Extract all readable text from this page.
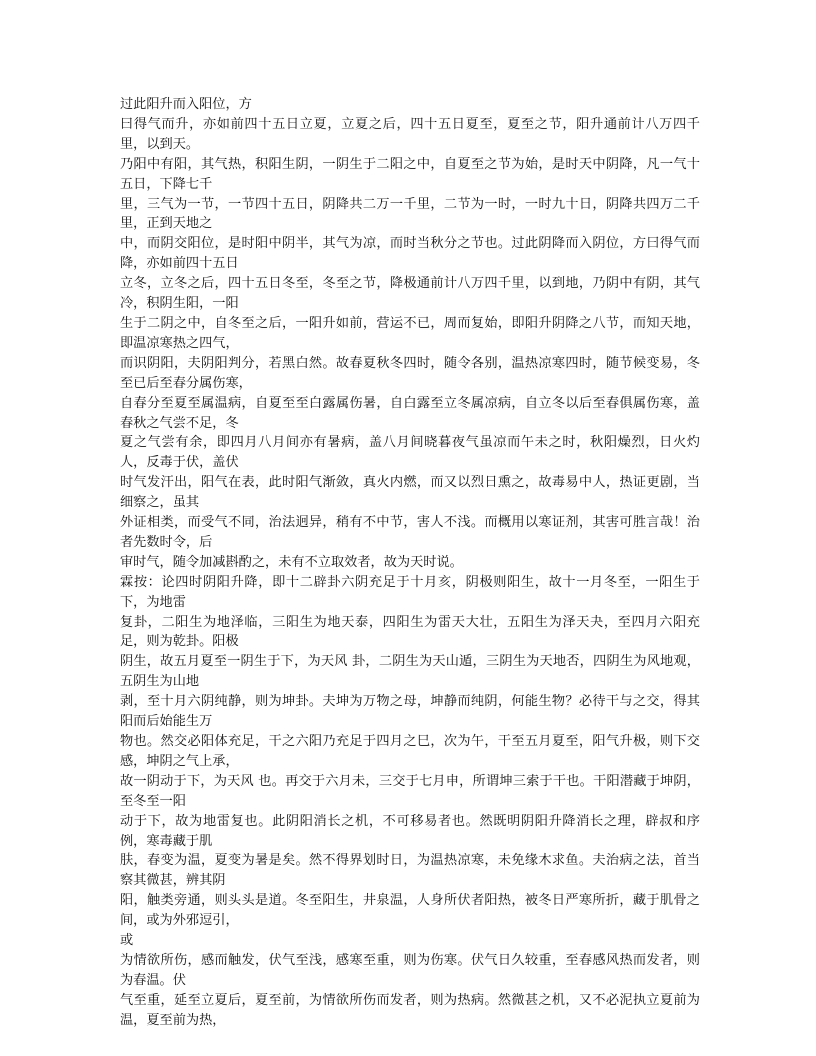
过此阳升而入阳位，方

曰得气而升，亦如前四十五日立夏，立夏之后，四十五日夏至，夏至之节，阳升通前计八万四千里，以到天。

乃阳中有阳，其气热，积阳生阴，一阴生于二阳之中，自夏至之节为始，是时天中阴降，凡一气十五日，下降七千

里，三气为一节，一节四十五日，阴降共二万一千里，二节为一时，一时九十日，阴降共四万二千里，正到天地之

中，而阴交阳位，是时阳中阴半，其气为凉，而时当秋分之节也。过此阴降而入阴位，方曰得气而降，亦如前四十五日

立冬，立冬之后，四十五日冬至，冬至之节，降极通前计八万四千里，以到地，乃阴中有阴，其气冷，积阴生阳，一阳

生于二阴之中，自冬至之后，一阳升如前，营运不已，周而复始，即阳升阴降之八节，而知天地，即温凉寒热之四气，

而识阴阳，夫阴阳判分，若黑白然。故春夏秋冬四时，随令各别，温热凉寒四时，随节候变易，冬至已后至春分属伤寒，

自春分至夏至属温病，自夏至至白露属伤暑，自白露至立冬属凉病，自立冬以后至春俱属伤寒，盖春秋之气尝不足，冬

夏之气尝有余，即四月八月间亦有暑病，盖八月间晓暮夜气虽凉而午未之时，秋阳燥烈，日火灼人，反毒于伏，盖伏

时气发汗出，阳气在表，此时阳气渐敛，真火内燃，而又以烈日熏之，故毒易中人，热证更剧，当细察之，虽其

外证相类，而受气不同，治法迥异，稍有不中节，害人不浅。而概用以寒证剂，其害可胜言哉！治者先数时令，后

审时气，随令加减斟酌之，未有不立取效者，故为天时说。

霖按：论四时阴阳升降，即十二辟卦六阴充足于十月亥，阴极则阳生，故十一月冬至，一阳生于下，为地雷

复卦，二阳生为地泽临，三阳生为地天泰，四阳生为雷天大壮，五阳生为泽天夬，至四月六阳充足，则为乾卦。阳极

阴生，故五月夏至一阴生于下，为天风 卦，二阴生为天山遁，三阴生为天地否，四阴生为风地观，五阴生为山地

剥，至十月六阴纯静，则为坤卦。夫坤为万物之母，坤静而纯阴，何能生物？必待干与之交，得其阳而后始能生万

物也。然交必阳体充足，干之六阳乃充足于四月之巳，次为午，干至五月夏至，阳气升极，则下交感，坤阴之气上承，

故一阴动于下，为天风 也。再交于六月未，三交于七月申，所谓坤三索于干也。干阳潜藏于坤阴，至冬至一阳

动于下，故为地雷复也。此阴阳消长之机，不可移易者也。然既明阴阳升降消长之理，辟叔和序例，寒毒藏于肌

肤，春变为温，夏变为暑是矣。然不得界划时日，为温热凉寒，未免缘木求鱼。夫治病之法，首当察其微甚，辨其阴

阳，触类旁通，则头头是道。冬至阳生，井泉温，人身所伏者阳热，被冬日严寒所折，藏于肌骨之间，或为外邪逗引，

或

为情欲所伤，感而触发，伏气至浅，感寒至重，则为伤寒。伏气日久较重，至春感风热而发者，则为春温。伏

气至重，延至立夏后，夏至前，为情欲所伤而发者，则为热病。然微甚之机，又不必泥执立夏前为温，夏至前为热，
